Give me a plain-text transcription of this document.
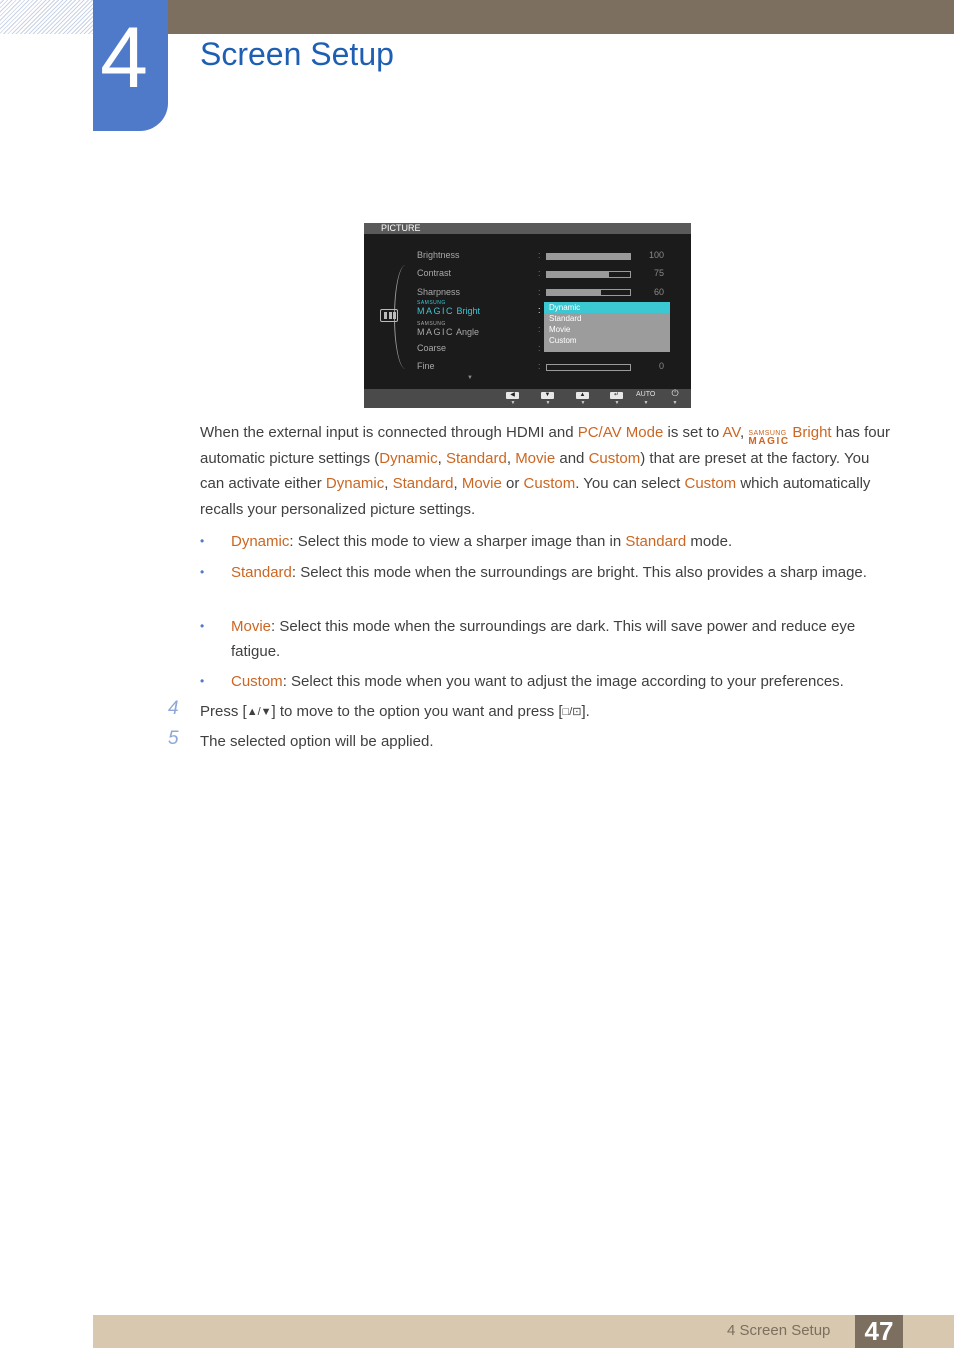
4 Screen Setup
PICTURE
Brightness
Contrast
Sharpness
SAMSUNG
MAGIC Bright
SAMSUNG
MAGIC Angle
Coarse
Fine
:
:
:
:
:
:
:
100
75
60
0
Dynamic
Standard
Movie
Custom
▼
◀
▼
▼
▼
▲
▼
↵
▼
AUTO
▼
⏻
▼
When the external input is connected through HDMI and PC/AV Mode is set to AV, SAMSUNG
MAGIC
Bright has four automatic picture settings (Dynamic, Standard, Movie and Custom) that are preset at the factory. You can activate either Dynamic, Standard, Movie or Custom. You can select Custom which automatically recalls your personalized picture settings.
• Dynamic: Select this mode to view a sharper image than in Standard mode.
• Standard: Select this mode when the surroundings are bright. This also provides a sharp image.
• Movie: Select this mode when the surroundings are dark. This will save power and reduce eye fatigue.
• Custom: Select this mode when you want to adjust the image according to your preferences.
4 Press [▲/▼] to move to the option you want and press [□/⊡].
5 The selected option will be applied.
4 Screen Setup	47
